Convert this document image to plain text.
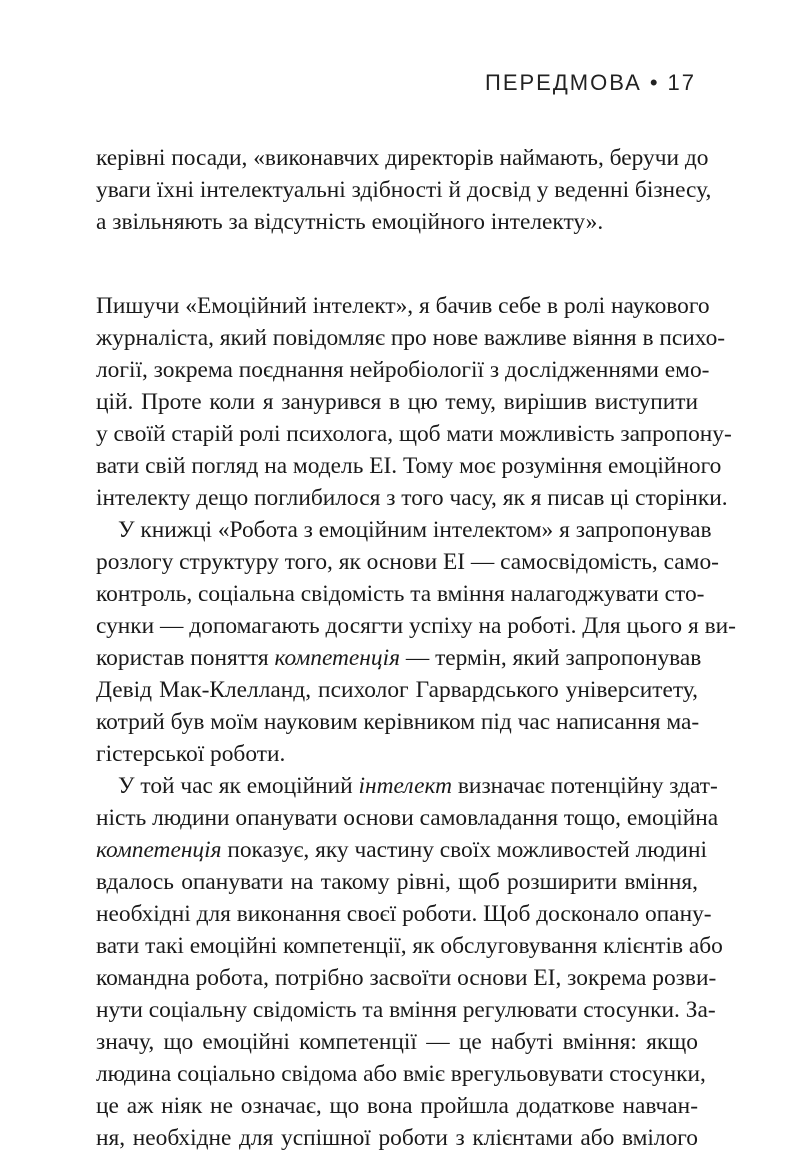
ПЕРЕДМОВА • 17
керівні посади, «виконавчих директорів наймають, беручи до
уваги їхні інтелектуальні здібності й досвід у веденні бізнесу,
а звільняють за відсутність емоційного інтелекту».
Пишучи «Емоційний інтелект», я бачив себе в ролі наукового
журналіста, який повідомляє про нове важливе віяння в психо-
логії, зокрема поєднання нейробіології з дослідженнями емо-
цій. Проте коли я занурився в цю тему, вирішив виступити
у своїй старій ролі психолога, щоб мати можливість запропону-
вати свій погляд на модель ЕІ. Тому моє розуміння емоційного
інтелекту дещо поглибилося з того часу, як я писав ці сторінки.
У книжці «Робота з емоційним інтелектом» я запропонував
розлогу структуру того, як основи ЕІ — самосвідомість, само-
контроль, соціальна свідомість та вміння налагоджувати сто-
сунки — допомагають досягти успіху на роботі. Для цього я ви-
користав поняття компетенція — термін, який запропонував
Девід Мак-Клелланд, психолог Гарвардського університету,
котрий був моїм науковим керівником під час написання ма-
гістерської роботи.
У той час як емоційний інтелект визначає потенційну здат-
ність людини опанувати основи самовладання тощо, емоційна
компетенція показує, яку частину своїх можливостей людині
вдалось опанувати на такому рівні, щоб розширити вміння,
необхідні для виконання своєї роботи. Щоб досконало опану-
вати такі емоційні компетенції, як обслуговування клієнтів або
командна робота, потрібно засвоїти основи ЕІ, зокрема розви-
нути соціальну свідомість та вміння регулювати стосунки. За-
значу, що емоційні компетенції — це набуті вміння: якщо
людина соціально свідома або вміє врегульовувати стосунки,
це аж ніяк не означає, що вона пройшла додаткове навчан-
ня, необхідне для успішної роботи з клієнтами або вмілого
